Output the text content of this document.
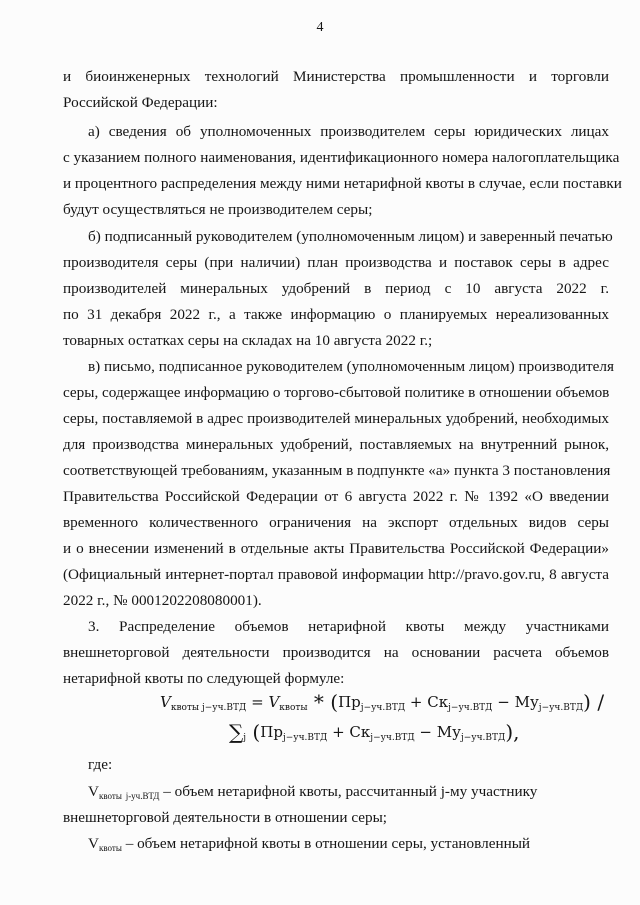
4
и биоинженерных технологий Министерства промышленности и торговли
Российской Федерации:
а) сведения об уполномоченных производителем серы юридических лицах
с указанием полного наименования, идентификационного номера налогоплательщика
и процентного распределения между ними нетарифной квоты в случае, если поставки
будут осуществляться не производителем серы;
б) подписанный руководителем (уполномоченным лицом) и заверенный печатью
производителя серы (при наличии) план производства и поставок серы в адрес
производителей минеральных удобрений в период с 10 августа 2022 г.
по 31 декабря 2022 г., а также информацию о планируемых нереализованных
товарных остатках серы на складах на 10 августа 2022 г.;
в) письмо, подписанное руководителем (уполномоченным лицом) производителя
серы, содержащее информацию о торгово-сбытовой политике в отношении объемов
серы, поставляемой в адрес производителей минеральных удобрений, необходимых
для производства минеральных удобрений, поставляемых на внутренний рынок,
соответствующей требованиям, указанным в подпункте «а» пункта 3 постановления
Правительства Российской Федерации от 6 августа 2022 г. № 1392 «О введении
временного количественного ограничения на экспорт отдельных видов серы
и о внесении изменений в отдельные акты Правительства Российской Федерации»
(Официальный интернет-портал правовой информации http://pravo.gov.ru, 8 августа
2022 г., № 0001202208080001).
3. Распределение объемов нетарифной квоты между участниками
внешнеторговой деятельности производится на основании расчета объемов
нетарифной квоты по следующей формуле:
$V_{квоты j-уч.ВТД} = V_{квоты} * (Пр_{j-уч.ВТД} + Ск_{j-уч.ВТД} - Му_{j-уч.ВТД})$ /
$\sum_j$ $(Пр_{j-уч.ВТД} + Ск_{j-уч.ВТД} - Му_{j-уч.ВТД})$,
где:
$V_{квоты}$ $_{j-уч.ВТД}$ – объем нетарифной квоты, рассчитанный j-му участнику
внешнеторговой деятельности в отношении серы;
$V_{квоты}$ – объем нетарифной квоты в отношении серы, установленный
